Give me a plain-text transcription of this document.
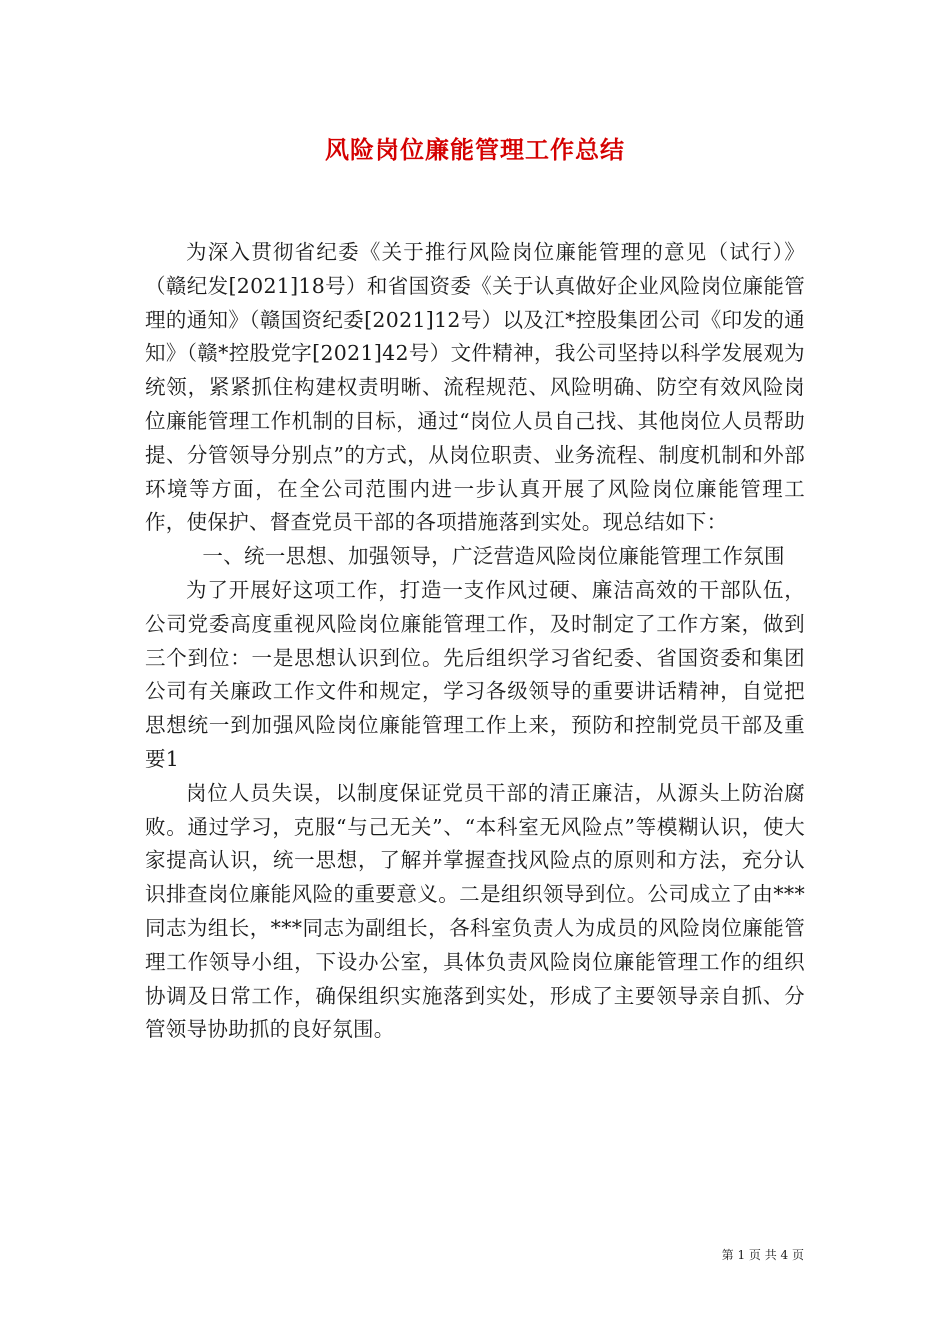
风险岗位廉能管理工作总结

为深入贯彻省纪委《关于推行风险岗位廉能管理的意见（试行）》（赣纪发[2021]18号）和省国资委《关于认真做好企业风险岗位廉能管理的通知》（赣国资纪委[2021]12号）以及江*控股集团公司《印发的通知》（赣*控股党字[2021]42号）文件精神，我公司坚持以科学发展观为统领，紧紧抓住构建权责明晰、流程规范、风险明确、防空有效风险岗位廉能管理工作机制的目标，通过“岗位人员自己找、其他岗位人员帮助提、分管领导分别点”的方式，从岗位职责、业务流程、制度机制和外部环境等方面，在全公司范围内进一步认真开展了风险岗位廉能管理工作，使保护、督查党员干部的各项措施落到实处。现总结如下：

一、统一思想、加强领导，广泛营造风险岗位廉能管理工作氛围

为了开展好这项工作，打造一支作风过硬、廉洁高效的干部队伍，公司党委高度重视风险岗位廉能管理工作，及时制定了工作方案，做到三个到位：一是思想认识到位。先后组织学习省纪委、省国资委和集团公司有关廉政工作文件和规定，学习各级领导的重要讲话精神，自觉把思想统一到加强风险岗位廉能管理工作上来，预防和控制党员干部及重要1

岗位人员失误，以制度保证党员干部的清正廉洁，从源头上防治腐败。通过学习，克服“与己无关”、“本科室无风险点”等模糊认识，使大家提高认识，统一思想，了解并掌握查找风险点的原则和方法，充分认识排查岗位廉能风险的重要意义。二是组织领导到位。公司成立了由***同志为组长，***同志为副组长，各科室负责人为成员的风险岗位廉能管理工作领导小组，下设办公室，具体负责风险岗位廉能管理工作的组织协调及日常工作，确保组织实施落到实处，形成了主要领导亲自抓、分管领导协助抓的良好氛围。

第 1 页 共 4 页
